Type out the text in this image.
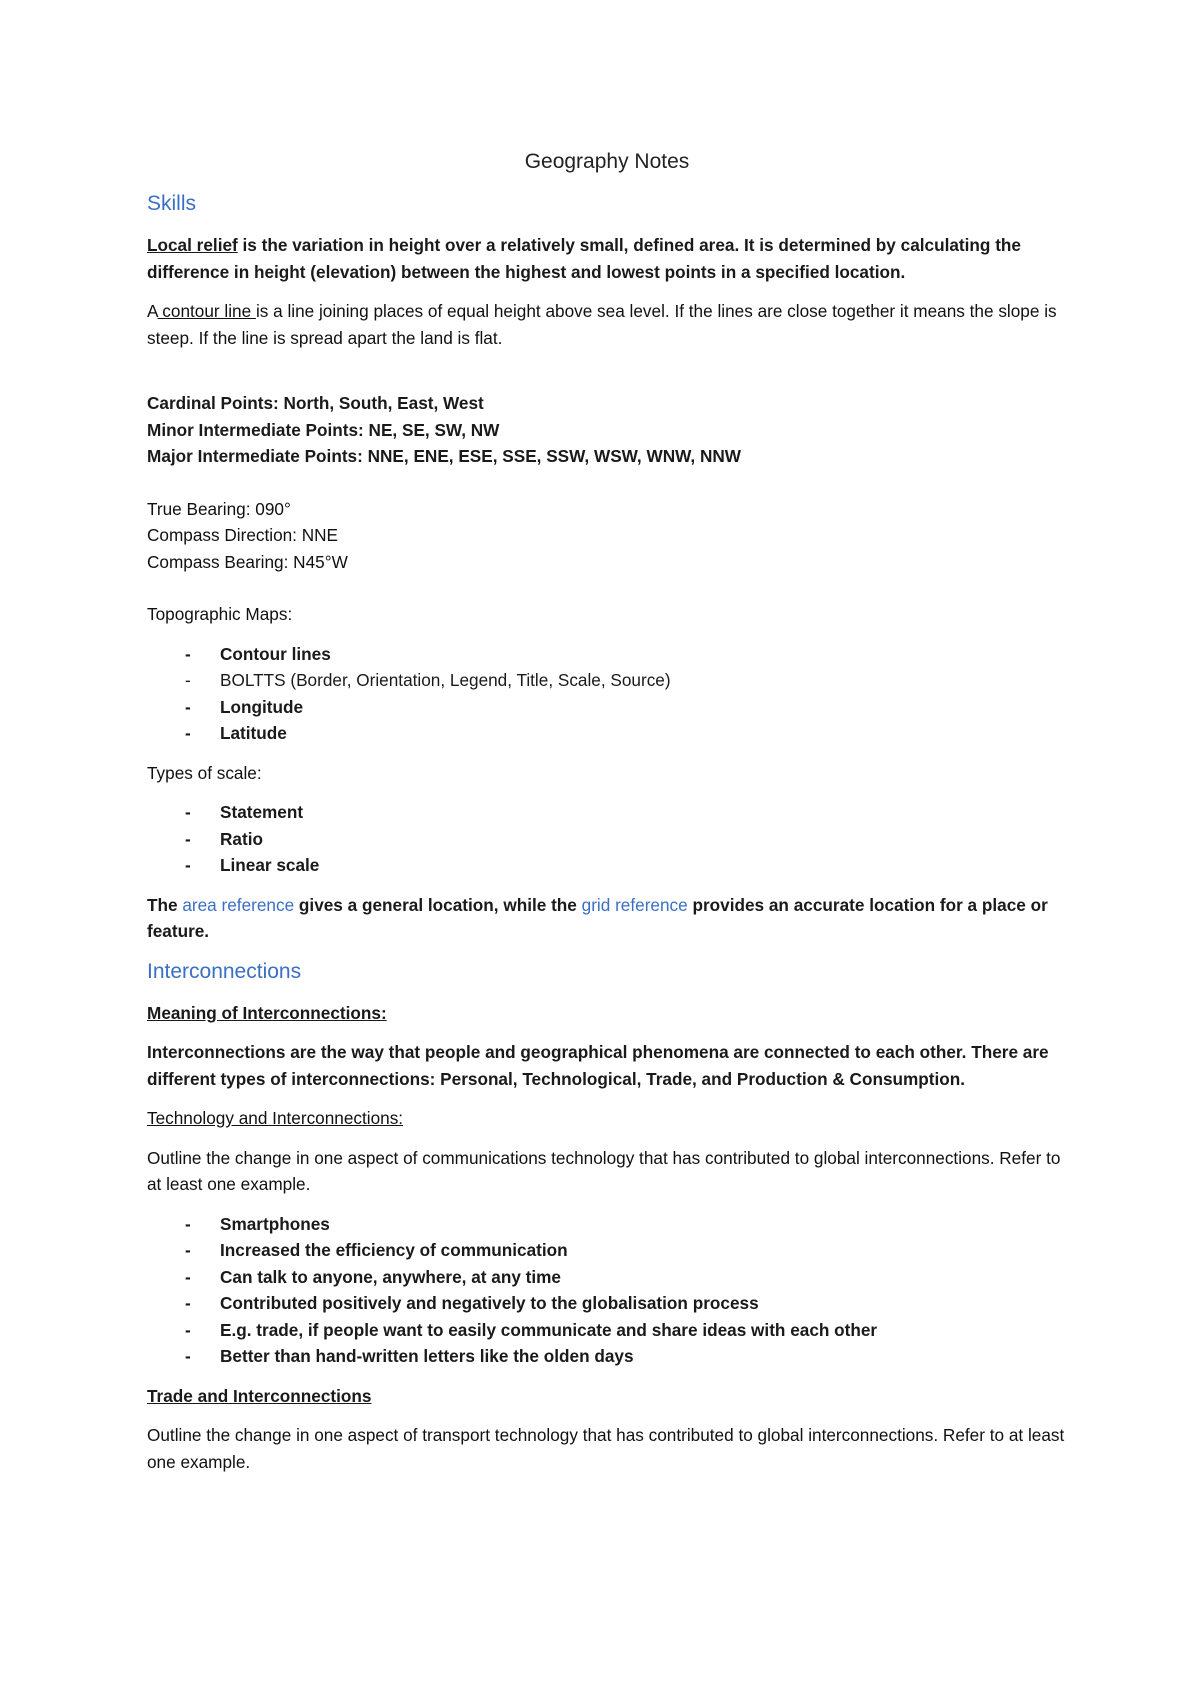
Geography Notes
Skills

Local relief is the variation in height over a relatively small, defined area. It is determined by calculating the difference in height (elevation) between the highest and lowest points in a specified location.

A contour line is a line joining places of equal height above sea level. If the lines are close together it means the slope is steep. If the line is spread apart the land is flat.

Cardinal Points: North, South, East, West
Minor Intermediate Points: NE, SE, SW, NW
Major Intermediate Points: NNE, ENE, ESE, SSE, SSW, WSW, WNW, NNW
True Bearing: 090°
Compass Direction: NNE
Compass Bearing: N45°W

Topographic Maps:

- Contour lines
- BOLTTS (Border, Orientation, Legend, Title, Scale, Source)
- Longitude
- Latitude

Types of scale:

- Statement
- Ratio
- Linear scale

The area reference gives a general location, while the grid reference provides an accurate location for a place or feature.

Interconnections

Meaning of Interconnections:

Interconnections are the way that people and geographical phenomena are connected to each other. There are different types of interconnections: Personal, Technological, Trade, and Production & Consumption.

Technology and Interconnections:

Outline the change in one aspect of communications technology that has contributed to global interconnections. Refer to at least one example.

- Smartphones
- Increased the efficiency of communication
- Can talk to anyone, anywhere, at any time
- Contributed positively and negatively to the globalisation process
- E.g. trade, if people want to easily communicate and share ideas with each other
- Better than hand-written letters like the olden days

Trade and Interconnections

Outline the change in one aspect of transport technology that has contributed to global interconnections. Refer to at least one example.
